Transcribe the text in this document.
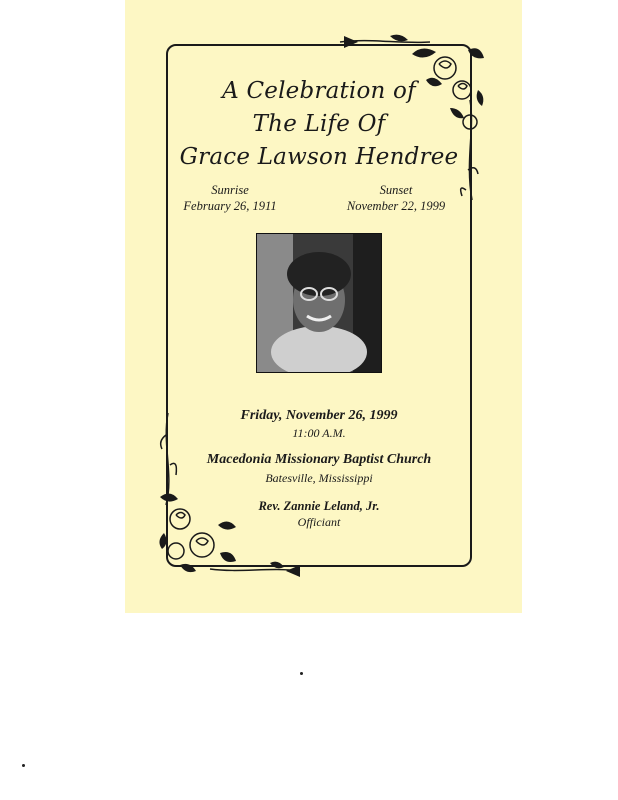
A Celebration of
The Life Of
Grace Lawson Hendree
Sunrise
February 26, 1911
Sunset
November 22, 1999
Friday, November 26, 1999
11:00 A.M.
Macedonia Missionary Baptist Church
Batesville, Mississippi
Rev. Zannie Leland, Jr.
Officiant
